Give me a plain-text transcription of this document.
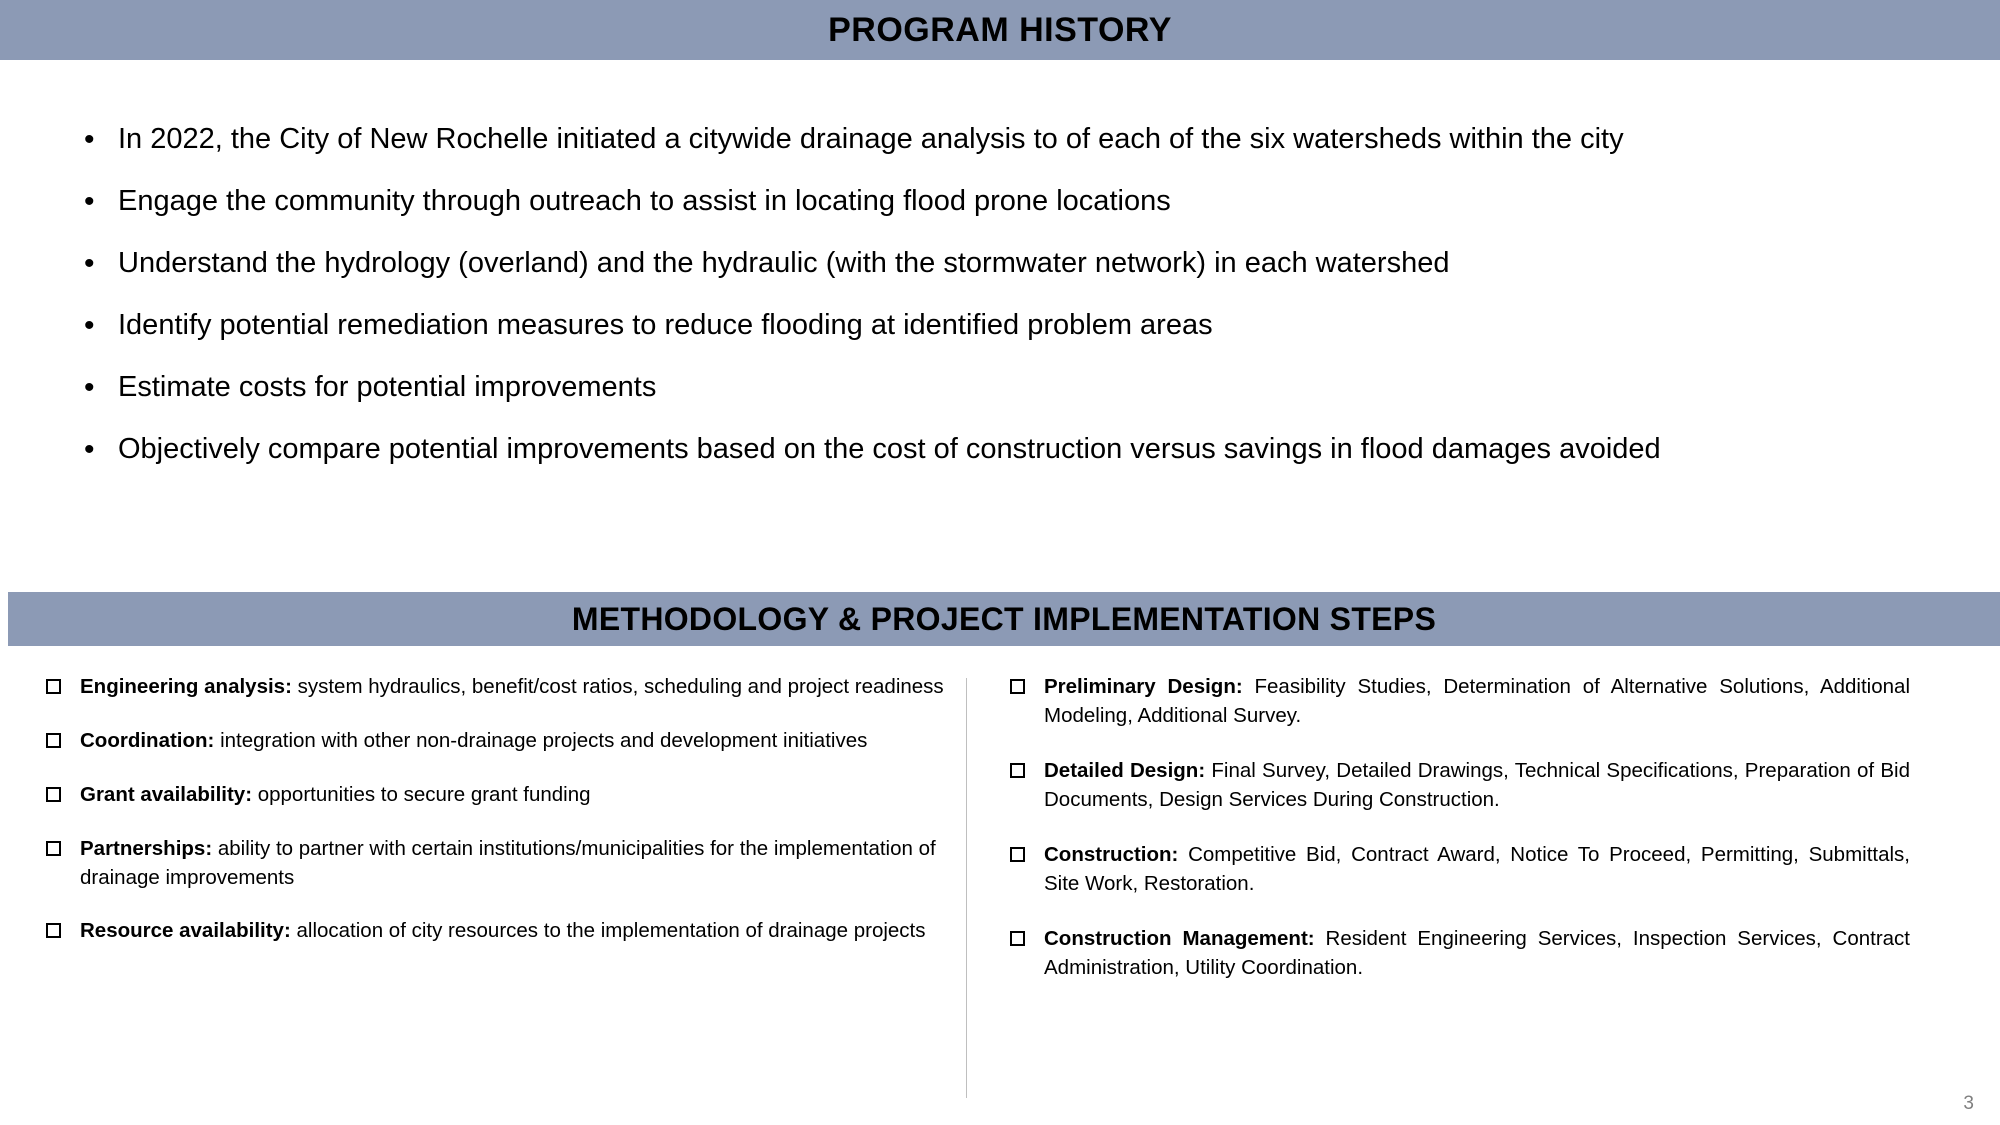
PROGRAM HISTORY
• In 2022, the City of New Rochelle initiated a citywide drainage analysis to of each of the six watersheds within the city
• Engage the community through outreach to assist in locating flood prone locations
• Understand the hydrology (overland) and the hydraulic (with the stormwater network) in each watershed
• Identify potential remediation measures to reduce flooding at identified problem areas
• Estimate costs for potential improvements
• Objectively compare potential improvements based on the cost of construction versus savings in flood damages avoided
METHODOLOGY & PROJECT IMPLEMENTATION STEPS
Engineering analysis: system hydraulics, benefit/cost ratios, scheduling and project readiness
Coordination: integration with other non-drainage projects and development initiatives
Grant availability: opportunities to secure grant funding
Partnerships: ability to partner with certain institutions/municipalities for the implementation of drainage improvements
Resource availability: allocation of city resources to the implementation of drainage projects
Preliminary Design: Feasibility Studies, Determination of Alternative Solutions, Additional Modeling, Additional Survey.
Detailed Design: Final Survey, Detailed Drawings, Technical Specifications, Preparation of Bid Documents, Design Services During Construction.
Construction: Competitive Bid, Contract Award, Notice To Proceed, Permitting, Submittals, Site Work, Restoration.
Construction Management: Resident Engineering Services, Inspection Services, Contract Administration, Utility Coordination.
3
